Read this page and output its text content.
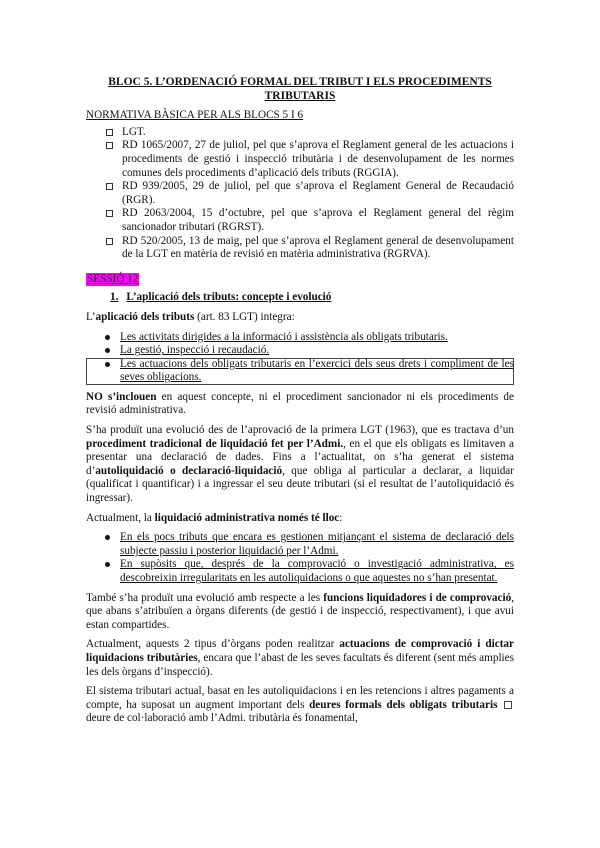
BLOC 5. L’ORDENACIÓ FORMAL DEL TRIBUT I ELS PROCEDIMENTS TRIBUTARIS
NORMATIVA BÀSICA PER ALS BLOCS 5 I 6
LGT.
RD 1065/2007, 27 de juliol, pel que s’aprova el Reglament general de les actuacions i procediments de gestió i inspecció tributària i de desenvolupament de les normes comunes dels procediments d’aplicació dels tributs (RGGIA).
RD 939/2005, 29 de juliol, pel que s’aprova el Reglament General de Recaudació (RGR).
RD 2063/2004, 15 d’octubre, pel que s’aprova el Reglament general del règim sancionador tributari (RGRST).
RD 520/2005, 13 de maig, pel que s’aprova el Reglament general de desenvolupament de la LGT en matèria de revisió en matèria administrativa (RGRVA).
SESSIÓ 12
1. L’aplicació dels tributs: concepte i evolució

L’aplicació dels tributs (art. 83 LGT) integra:

Les activitats dirigides a la informació i assistència als obligats tributaris.
La gestió, inspecció i recaudació.
Les actuacions dels obligats tributaris en l’exercici dels seus drets i compliment de les seves obligacions.

NO s’inclouen en aquest concepte, ni el procediment sancionador ni els procediments de revisió administrativa.

S’ha produït una evolució des de l’aprovació de la primera LGT (1963), que es tractava d’un procediment tradicional de liquidació fet per l’Admi., en el que els obligats es limitaven a presentar una declaració de dades. Fins a l’actualitat, on s’ha generat el sistema d’autoliquidació o declaració-liquidació, que obliga al particular a declarar, a liquidar (qualificat i quantificar) i a ingressar el seu deute tributari (si el resultat de l’autoliquidació és ingressar).

Actualment, la liquidació administrativa només té lloc:

En els pocs tributs que encara es gestionen mitjançant el sistema de declaració dels subjecte passiu i posterior liquidació per l’Admi.
En supòsits que, després de la comprovació o investigació administrativa, es descobreixin irregularitats en les autoliquidacions o que aquestes no s’han presentat.

També s’ha produït una evolució amb respecte a les funcions liquidadores i de comprovació, que abans s’atribuïen a òrgans diferents (de gestió i de inspecció, respectivament), i que avui estan compartides.

Actualment, aquests 2 tipus d’òrgans poden realitzar actuacions de comprovació i dictar liquidacions tributàries, encara que l’abast de les seves facultats és diferent (sent més amplies les dels òrgans d’inspecció).

El sistema tributari actual, basat en les autoliquidacions i en les retencions i altres pagaments a compte, ha suposat un augment important dels deures formals dels obligats tributaris  deure de col·laboració amb l’Admi. tributària és fonamental,
